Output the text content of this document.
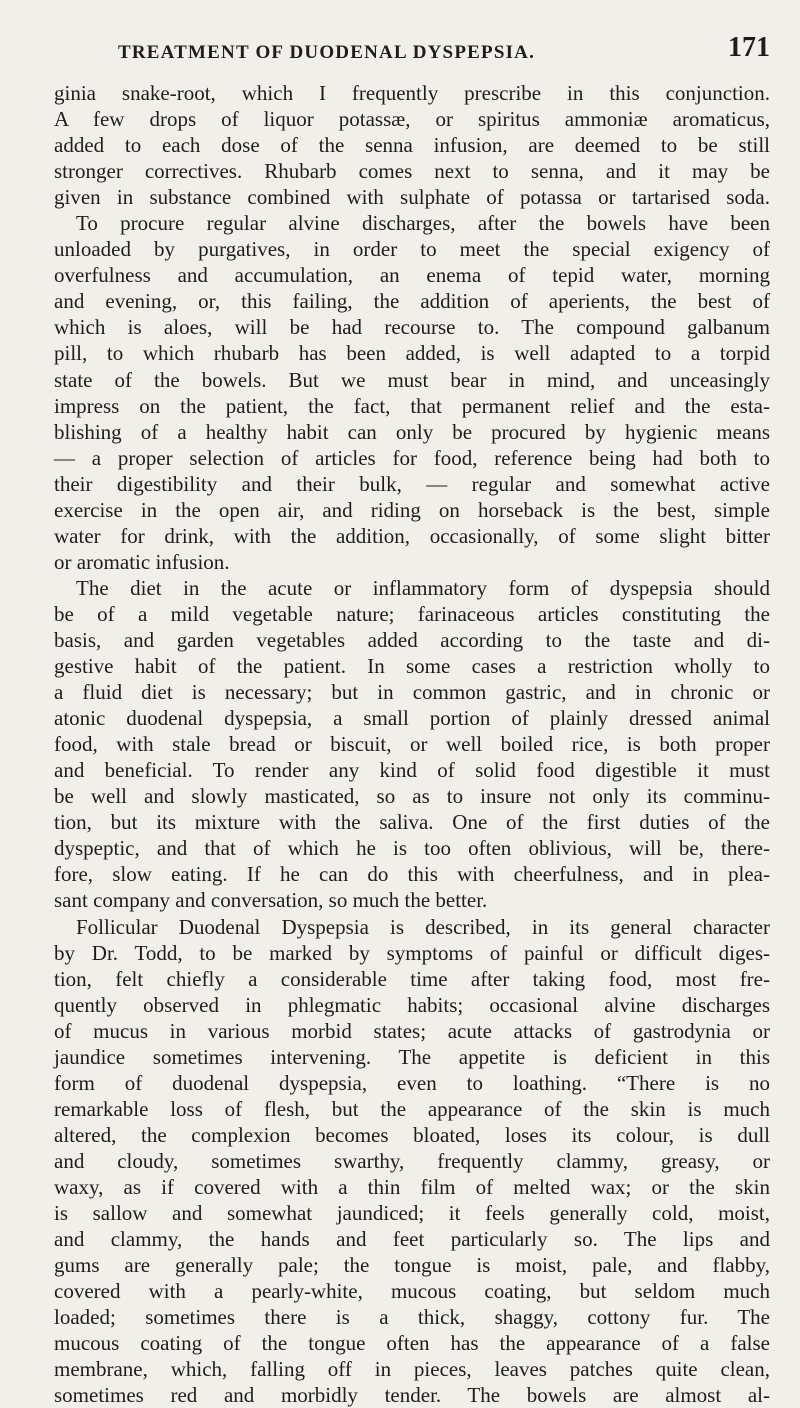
TREATMENT OF DUODENAL DYSPEPSIA.	171
ginia snake-root, which I frequently prescribe in this conjunction.
A few drops of liquor potassæ, or spiritus ammoniæ aromaticus,
added to each dose of the senna infusion, are deemed to be still
stronger correctives. Rhubarb comes next to senna, and it may be
given in substance combined with sulphate of potassa or tartarised soda.
To procure regular alvine discharges, after the bowels have been
unloaded by purgatives, in order to meet the special exigency of
overfulness and accumulation, an enema of tepid water, morning
and evening, or, this failing, the addition of aperients, the best of
which is aloes, will be had recourse to. The compound galbanum
pill, to which rhubarb has been added, is well adapted to a torpid
state of the bowels. But we must bear in mind, and unceasingly
impress on the patient, the fact, that permanent relief and the esta-
blishing of a healthy habit can only be procured by hygienic means
— a proper selection of articles for food, reference being had both to
their digestibility and their bulk, — regular and somewhat active
exercise in the open air, and riding on horseback is the best, simple
water for drink, with the addition, occasionally, of some slight bitter
or aromatic infusion.
The diet in the acute or inflammatory form of dyspepsia should
be of a mild vegetable nature; farinaceous articles constituting the
basis, and garden vegetables added according to the taste and di-
gestive habit of the patient. In some cases a restriction wholly to
a fluid diet is necessary; but in common gastric, and in chronic or
atonic duodenal dyspepsia, a small portion of plainly dressed animal
food, with stale bread or biscuit, or well boiled rice, is both proper
and beneficial. To render any kind of solid food digestible it must
be well and slowly masticated, so as to insure not only its comminu-
tion, but its mixture with the saliva. One of the first duties of the
dyspeptic, and that of which he is too often oblivious, will be, there-
fore, slow eating. If he can do this with cheerfulness, and in plea-
sant company and conversation, so much the better.
Follicular Duodenal Dyspepsia is described, in its general character
by Dr. Todd, to be marked by symptoms of painful or difficult diges-
tion, felt chiefly a considerable time after taking food, most fre-
quently observed in phlegmatic habits; occasional alvine discharges
of mucus in various morbid states; acute attacks of gastrodynia or
jaundice sometimes intervening. The appetite is deficient in this
form of duodenal dyspepsia, even to loathing. “There is no
remarkable loss of flesh, but the appearance of the skin is much
altered, the complexion becomes bloated, loses its colour, is dull
and cloudy, sometimes swarthy, frequently clammy, greasy, or
waxy, as if covered with a thin film of melted wax; or the skin
is sallow and somewhat jaundiced; it feels generally cold, moist,
and clammy, the hands and feet particularly so. The lips and
gums are generally pale; the tongue is moist, pale, and flabby,
covered with a pearly-white, mucous coating, but seldom much
loaded; sometimes there is a thick, shaggy, cottony fur. The
mucous coating of the tongue often has the appearance of a false
membrane, which, falling off in pieces, leaves patches quite clean,
sometimes red and morbidly tender. The bowels are almost al-
